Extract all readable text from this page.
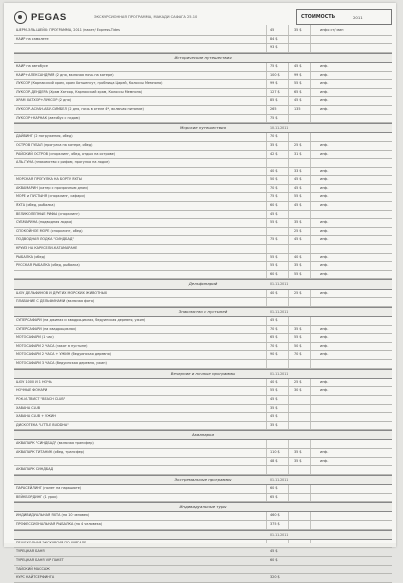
PEGAS	ЭКСКУРСИОННАЯ ПРОГРАММА, МАКАДИ САФАГА 25.10	СТОИМОСТЬ	2011
ШЕРМ-ЭЛЬ-ШЕЙХ: ПРОГРАММА, 2011 /пакет/ Express-Tides	45	35 $	инфо ст/ мин
КАИР на самолете	84 $
93 $
Исторические путешествия
КАИР на автобусе	75 $	45 $	инф.
КАИР+АЛЕКСАНДРИЯ (2 дня, включая ночь на катере)	100 $	99 $	инф.
ЛУКСОР (Карнакский храм, храм Хатшепсут, гробница Царей, Колоссы Мемнона)	99 $	55 $	инф.
ЛУКСОР-ДЕНДЕРА (Храм Хатхор, Карнакский храм, Колоссы Мемнона)	127 $	65 $	инф.
ХРАМ ХАТХОР+ЛУКСОР (2 дня)	85 $	45 $	инф.
ЛУКСОР-АСУАН-АБУ-СИМБЕЛ (2 дня, ночь в отеле 4*, включая питание)	265	135	инф.
ЛУКСОР+КАРНАК (автобус с гидом)	75 $
Морские путешествия	10.11.2011
ДАЙВИНГ (2 погружения, обед)	70 $
ОСТРОВ ГУБАЛ (прогулка на катере, обед)	35 $	25 $	инф.
РАЙСКИЙ ОСТРОВ (снорклинг, обед, отдых на острове)	42 $	31 $	инф.
АЛЬ-ГУНА (знакомство с рифом, прогулка на лодке)
40 $	33 $	инф.
МОРСКАЯ ПРОГУЛКА НА БОРТУ ЯХТЫ	50 $	45 $	инф.
АКВАМАРИН (катер с прозрачным дном)	70 $	45 $	инф.
МОРЕ и ПУСТЫНЯ (снорклинг, сафари)	75 $	55 $	инф.
ЯХТА (обед, рыбалка)	60 $	45 $	инф.
ВЕЛИКОЛЕПНЫЕ РИФЫ (снорклинг)	45 $
СУБМАРИНА (подводная лодка)	55 $	35 $	инф.
СПОКОЙНОЕ МОРЕ (снорклинг, обед)	25 $	инф.
ПОДВОДНАЯ ЛОДКА "СИНДБАД"	75 $	45 $	инф.
КРУИЗ НА КАРУСЕЛИ-КАТАМАРАНЕ
РЫБАЛКА (обед)	55 $	40 $	инф.
РУССКАЯ РЫБАЛКА (обед, рыбалка)	55 $	35 $	инф.
60 $	55 $	инф.
Дельфинарий	01.11.2011
ШОУ ДЕЛЬФИНОВ И ДРУГИХ МОРСКИХ ЖИВОТНЫХ	40 $	25 $	инф.
ПЛАВАНИЕ С ДЕЛЬФИНАМИ (включая фото)
Знакомство с пустыней	01.11.2011
СУПЕРСАФАРИ (на джипах и квадроциклах, бедуинская деревня, ужин)	45 $
СУПЕРСАФАРИ (на квадроциклах)	70 $	35 $	инф.
МОТОСАФАРИ (1 час)	65 $	55 $	инф.
МОТОСАФАРИ 2 ЧАСА (закат в пустыне)	70 $	50 $	инф.
МОТОСАФАРИ 2 ЧАСА + УЖИН (бедуинская деревня)	90 $	70 $	инф.
МОТОСАФАРИ 3 ЧАСА (бедуинская деревня, ужин)
Вечерние и ночные программы	01.11.2011
ШОУ 1000 И 1 НОЧЬ	40 $	25 $	инф.
НОЧНЫЕ ФОНАРИ	55 $	30 $	инф.
РОК-И-ТВИСТ "BEACH CLUB"	45 $
ХАВАНА CLUB	35 $
ХАВАНА CLUB + УЖИН	45 $
ДИСКОТЕКА "LITTLE BUDDHA"	35 $
Аквапарки
АКВАПАРК "СИНДБАД" (включая трансфер)
АКВАПАРК ТИТАНИК (обед, трансфер)	110 $	35 $	инф.
48 $	35 $	инф.
АКВАПАРК СИНДБАД
Экстремальные программы	01.11.2011
ПАРАСЕЙЛИНГ (полет на парашюте)	60 $
ВЕЙКБОРДИНГ (1 урок)	65 $
Индивидуальные туры
ИНДИВИДУАЛЬНАЯ ЯХТА (на 10 человек)	460 $
ПРОФЕССИОНАЛЬНАЯ РЫБАЛКА (на 4 человека)	375 $
01.11.2011
ТУРЕЦКАЯ БАНЯ	45 $
ТУРЕЦКАЯ БАНЯ VIP ПАКЕТ	60 $
ТАЙСКИЙ МАССАЖ
КУРС КАЙТСЕРФИНГА	320 $
